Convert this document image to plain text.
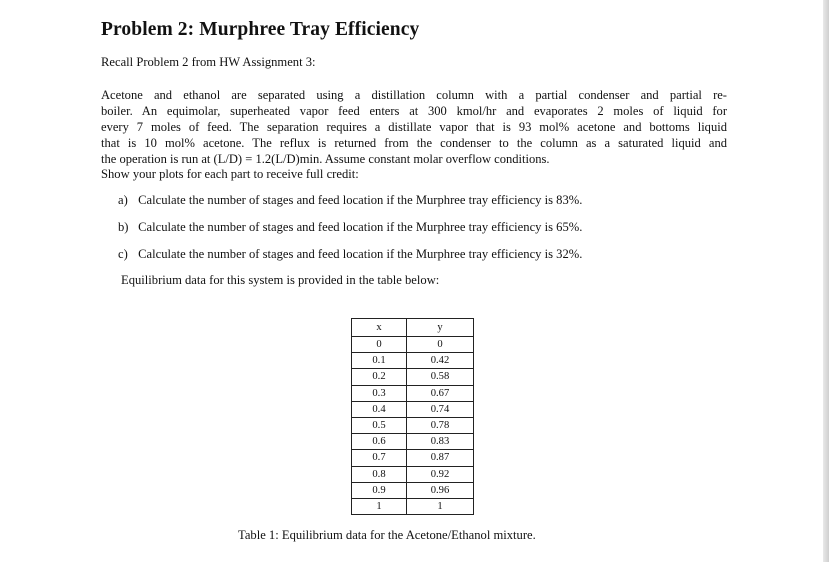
Problem 2: Murphree Tray Efficiency
Recall Problem 2 from HW Assignment 3:
Acetone and ethanol are separated using a distillation column with a partial condenser and partial re-
boiler. An equimolar, superheated vapor feed enters at 300 kmol/hr and evaporates 2 moles of liquid for
every 7 moles of feed. The separation requires a distillate vapor that is 93 mol% acetone and bottoms liquid
that is 10 mol% acetone. The reflux is returned from the condenser to the column as a saturated liquid and
the operation is run at (L/D) = 1.2(L/D)min. Assume constant molar overflow conditions.
Show your plots for each part to receive full credit:
a) Calculate the number of stages and feed location if the Murphree tray efficiency is 83%.
b) Calculate the number of stages and feed location if the Murphree tray efficiency is 65%.
c) Calculate the number of stages and feed location if the Murphree tray efficiency is 32%.
Equilibrium data for this system is provided in the table below:
x	y
0	0
0.1	0.42
0.2	0.58
0.3	0.67
0.4	0.74
0.5	0.78
0.6	0.83
0.7	0.87
0.8	0.92
0.9	0.96
1	1
Table 1: Equilibrium data for the Acetone/Ethanol mixture.
